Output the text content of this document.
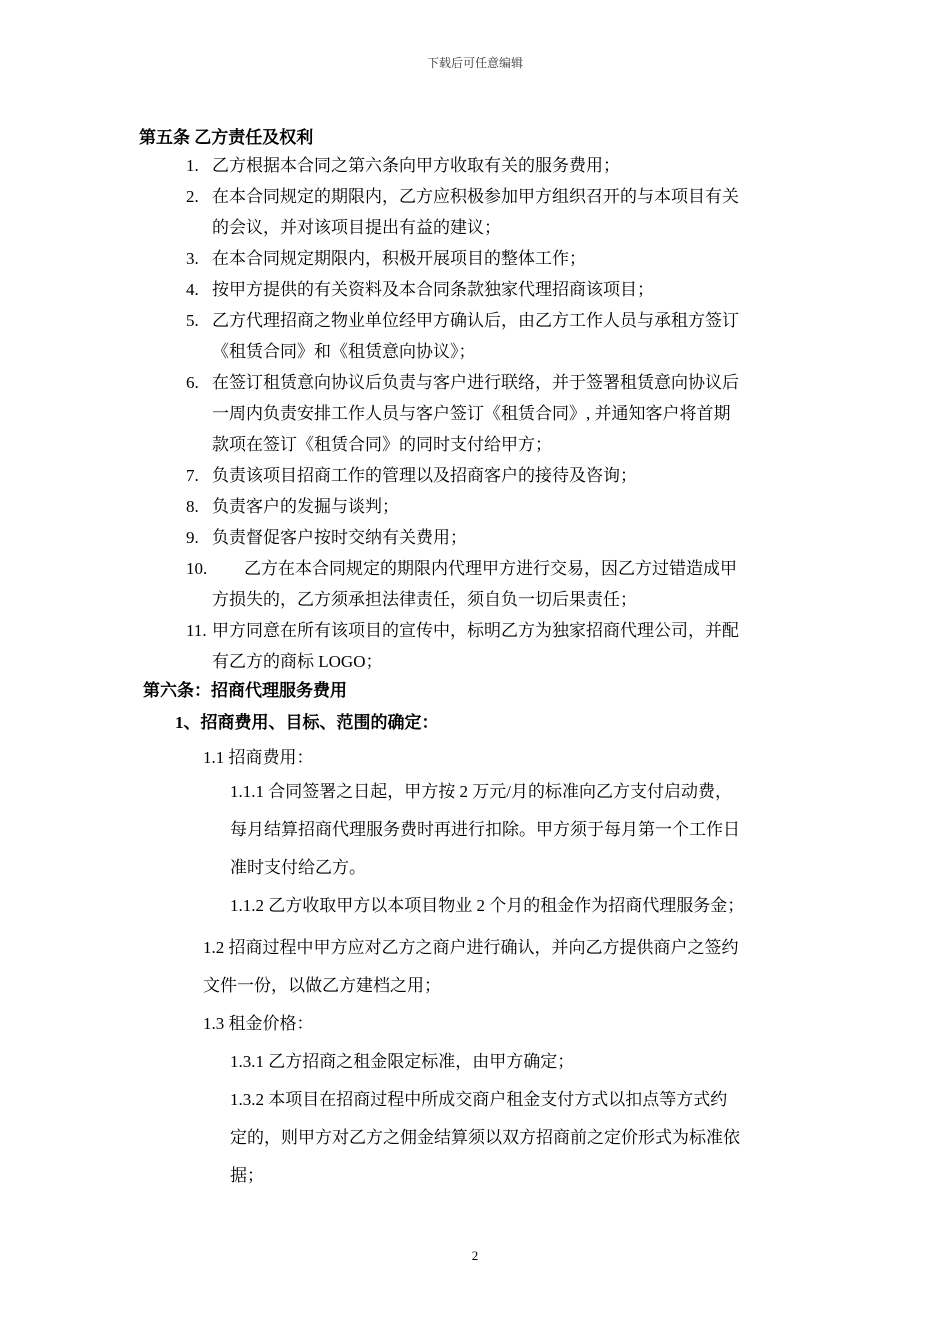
下载后可任意编辑
第五条 乙方责任及权利
1. 乙方根据本合同之第六条向甲方收取有关的服务费用；
2. 在本合同规定的期限内，乙方应积极参加甲方组织召开的与本项目有关
的会议，并对该项目提出有益的建议；
3. 在本合同规定期限内，积极开展项目的整体工作；
4. 按甲方提供的有关资料及本合同条款独家代理招商该项目；
5. 乙方代理招商之物业单位经甲方确认后，由乙方工作人员与承租方签订
《租赁合同》和《租赁意向协议》；
6. 在签订租赁意向协议后负责与客户进行联络，并于签署租赁意向协议后
一周内负责安排工作人员与客户签订《租赁合同》, 并通知客户将首期
款项在签订《租赁合同》的同时支付给甲方；
7. 负责该项目招商工作的管理以及招商客户的接待及咨询；
8. 负责客户的发掘与谈判；
9. 负责督促客户按时交纳有关费用；
10. 乙方在本合同规定的期限内代理甲方进行交易，因乙方过错造成甲
方损失的，乙方须承担法律责任，须自负一切后果责任；
11. 甲方同意在所有该项目的宣传中，标明乙方为独家招商代理公司，并配
有乙方的商标 LOGO；
第六条：招商代理服务费用
1、招商费用、目标、范围的确定：
1.1 招商费用：
1.1.1 合同签署之日起，甲方按 2 万元/月的标准向乙方支付启动费，
每月结算招商代理服务费时再进行扣除。甲方须于每月第一个工作日
准时支付给乙方。
1.1.2 乙方收取甲方以本项目物业 2 个月的租金作为招商代理服务金；
1.2 招商过程中甲方应对乙方之商户进行确认，并向乙方提供商户之签约
文件一份，以做乙方建档之用；
1.3 租金价格：
1.3.1 乙方招商之租金限定标准，由甲方确定；
1.3.2 本项目在招商过程中所成交商户租金支付方式以扣点等方式约
定的，则甲方对乙方之佣金结算须以双方招商前之定价形式为标准依
据；
2
